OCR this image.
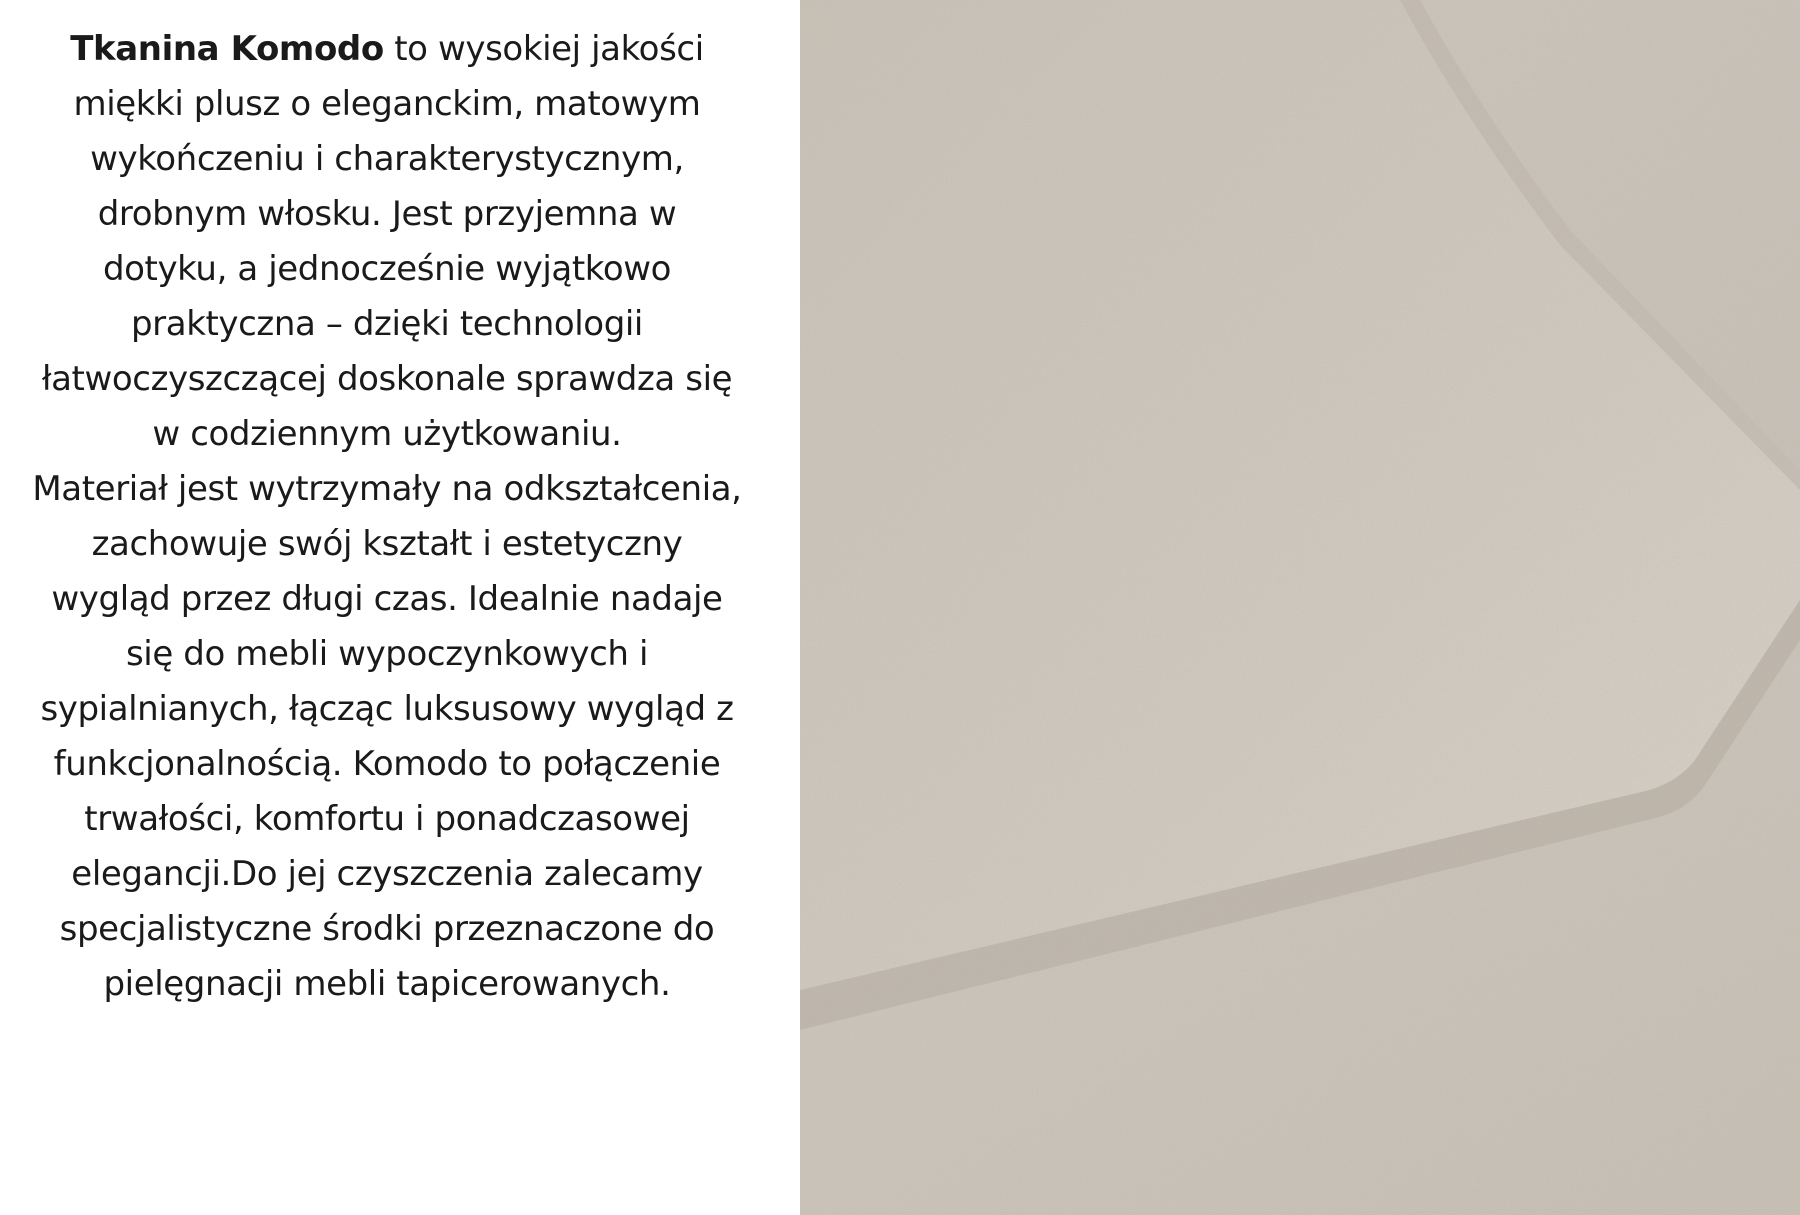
Tkanina Komodo to wysokiej jakości
miękki plusz o eleganckim, matowym
wykończeniu i charakterystycznym,
drobnym włosku. Jest przyjemna w
dotyku, a jednocześnie wyjątkowo
praktyczna – dzięki technologii
łatwoczyszczącej doskonale sprawdza się
w codziennym użytkowaniu.
Materiał jest wytrzymały na odkształcenia,
zachowuje swój kształt i estetyczny
wygląd przez długi czas. Idealnie nadaje
się do mebli wypoczynkowych i
sypialnianych, łącząc luksusowy wygląd z
funkcjonalnością. Komodo to połączenie
trwałości, komfortu i ponadczasowej
elegancji.Do jej czyszczenia zalecamy
specjalistyczne środki przeznaczone do
pielęgnacji mebli tapicerowanych.
